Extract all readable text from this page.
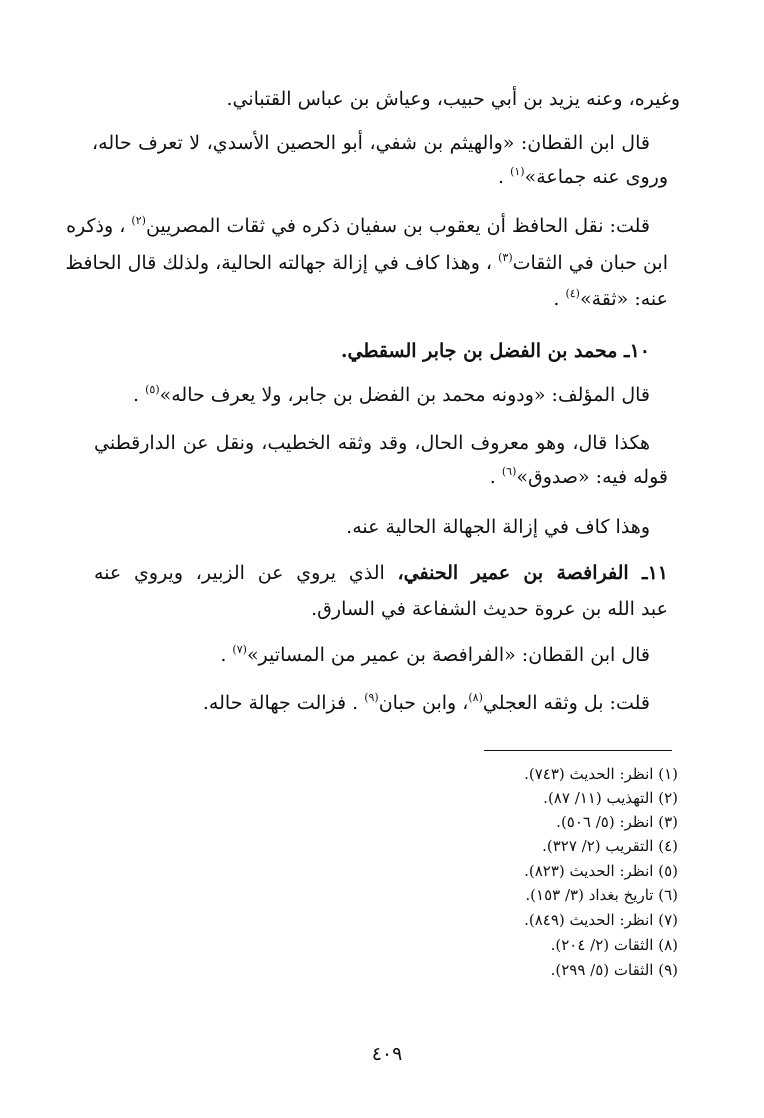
وغيره، وعنه يزيد بن أبي حبيب، وعياش بن عباس القتباني.
قال ابن القطان: «والهيثم بن شفي، أبو الحصين الأسدي، لا تعرف حاله،
وروى عنه جماعة»$^{(١)}$ .
قلت: نقل الحافظ أن يعقوب بن سفيان ذكره في ثقات المصريين$^{(٢)}$ ، وذكره
ابن حبان في الثقات$^{(٣)}$ ، وهذا كاف في إزالة جهالته الحالية، ولذلك قال الحافظ
عنه: «ثقة»$^{(٤)}$ .
١٠ـ محمد بن الفضل بن جابر السقطي.
قال المؤلف: «ودونه محمد بن الفضل بن جابر، ولا يعرف حاله»$^{(٥)}$ .
هكذا قال، وهو معروف الحال، وقد وثقه الخطيب، ونقل عن الدارقطني
قوله فيه: «صدوق»$^{(٦)}$ .
وهذا كاف في إزالة الجهالة الحالية عنه.
١١ـ الفرافصة بن عمير الحنفي، الذي يروي عن الزبير، ويروي عنه
عبد الله بن عروة حديث الشفاعة في السارق.
قال ابن القطان: «الفرافصة بن عمير من المساتير»$^{(٧)}$ .
قلت: بل وثقه العجلي$^{(٨)}$، وابن حبان$^{(٩)}$ . فزالت جهالة حاله.
(١) انظر: الحديث (٧٤٣).
(٢) التهذيب (١١/ ٨٧).
(٣) انظر: (٥/ ٥٠٦).
(٤) التقريب (٢/ ٣٢٧).
(٥) انظر: الحديث (٨٢٣).
(٦) تاريخ بغداد (٣/ ١٥٣).
(٧) انظر: الحديث (٨٤٩).
(٨) الثقات (٢/ ٢٠٤).
(٩) الثقات (٥/ ٢٩٩).
٤٠٩
